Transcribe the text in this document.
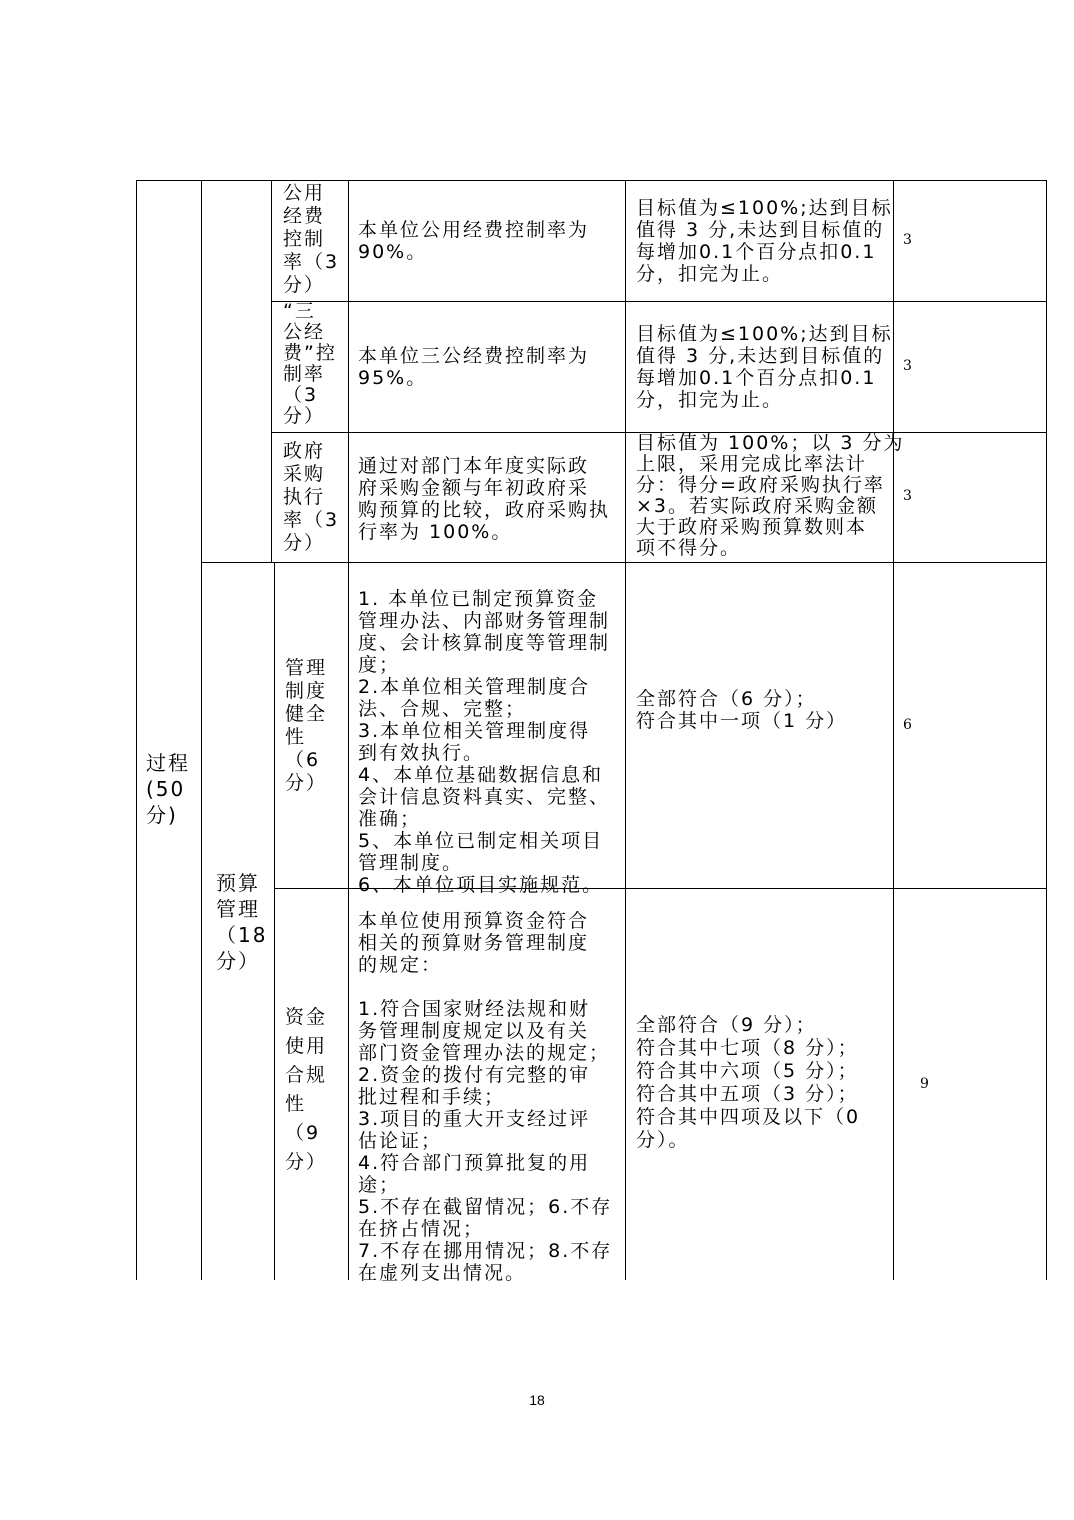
过程
(50
分)
预算
管理
（18
分）
公用
经费
控制
率（3
分）
本单位公用经费控制率为
90%。
目标值为≤100%;达到目标
值得 3 分,未达到目标值的
每增加0.1个百分点扣0.1
分，扣完为止。
3
“三
公经
费”控
制率
（3
分）
本单位三公经费控制率为
95%。
目标值为≤100%;达到目标
值得 3 分,未达到目标值的
每增加0.1个百分点扣0.1
分，扣完为止。
3
政府
采购
执行
率（3
分）
通过对部门本年度实际政
府采购金额与年初政府采
购预算的比较，政府采购执
行率为 100%。
目标值为 100%；以 3 分为
上限，采用完成比率法计
分：得分=政府采购执行率
×3。若实际政府采购金额
大于政府采购预算数则本
项不得分。
3
管理
制度
健全
性
（6
分）
1. 本单位已制定预算资金
管理办法、内部财务管理制
度、会计核算制度等管理制
度；
2.本单位相关管理制度合
法、合规、完整；
3.本单位相关管理制度得
到有效执行。
4、本单位基础数据信息和
会计信息资料真实、完整、
准确；
5、本单位已制定相关项目
管理制度。
6、本单位项目实施规范。
全部符合（6 分）；
符合其中一项（1 分）	6
资金
使用
合规
性
（9
分）
本单位使用预算资金符合
相关的预算财务管理制度
的规定：

1.符合国家财经法规和财
务管理制度规定以及有关
部门资金管理办法的规定；
2.资金的拨付有完整的审
批过程和手续；
3.项目的重大开支经过评
估论证；
4.符合部门预算批复的用
途；
5.不存在截留情况；6.不存
在挤占情况；
7.不存在挪用情况；8.不存
在虚列支出情况。
全部符合（9 分）；
符合其中七项（8 分）；
符合其中六项（5 分）；
符合其中五项（3 分）；
符合其中四项及以下（0
分）。
9
18
